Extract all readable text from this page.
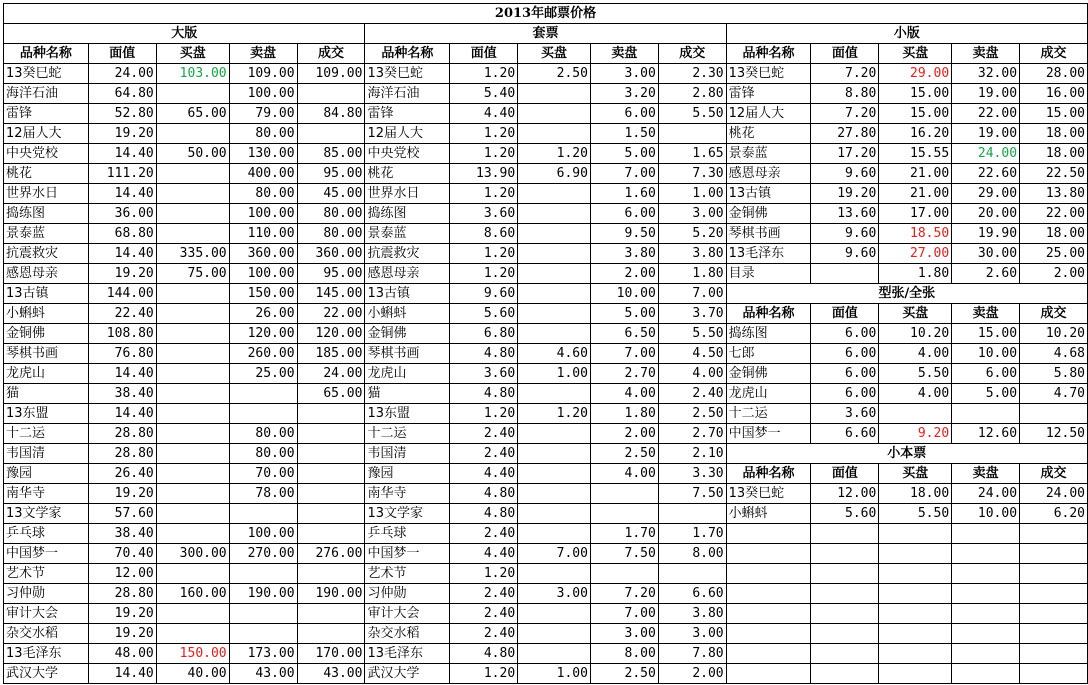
2013年邮票价格														
大版					套票					小版				
品种名称	面值	买盘	卖盘	成交	品种名称	面值	买盘	卖盘	成交	品种名称	面值	买盘	卖盘	成交
13癸巳蛇	24.00	103.00	109.00	109.00	13癸巳蛇	1.20	2.50	3.00	2.30	13癸巳蛇	7.20	29.00	32.00	28.00
海洋石油	64.80		100.00		海洋石油	5.40		3.20	2.80	雷锋	8.80	15.00	19.00	16.00
雷锋	52.80	65.00	79.00	84.80	雷锋	4.40		6.00	5.50	12届人大	7.20	15.00	22.00	15.00
12届人大	19.20		80.00		12届人大	1.20		1.50		桃花	27.80	16.20	19.00	18.00
中央党校	14.40	50.00	130.00	85.00	中央党校	1.20	1.20	5.00	1.65	景泰蓝	17.20	15.55	24.00	18.00
桃花	111.20		400.00	95.00	桃花	13.90	6.90	7.00	7.30	感恩母亲	9.60	21.00	22.60	22.50
世界水日	14.40		80.00	45.00	世界水日	1.20		1.60	1.00	13古镇	19.20	21.00	29.00	13.80
捣练图	36.00		100.00	80.00	捣练图	3.60		6.00	3.00	金铜佛	13.60	17.00	20.00	22.00
景泰蓝	68.80		110.00	80.00	景泰蓝	8.60		9.50	5.20	琴棋书画	9.60	18.50	19.90	18.00
抗震救灾	14.40	335.00	360.00	360.00	抗震救灾	1.20		3.80	3.80	13毛泽东	9.60	27.00	30.00	25.00
感恩母亲	19.20	75.00	100.00	95.00	感恩母亲	1.20		2.00	1.80	目录		1.80	2.60	2.00
13古镇	144.00		150.00	145.00	13古镇	9.60		10.00	7.00	型张/全张				
小蝌蚪	22.40		26.00	22.00	小蝌蚪	5.60		5.00	3.70	品种名称	面值	买盘	卖盘	成交
金铜佛	108.80		120.00	120.00	金铜佛	6.80		6.50	5.50	捣练图	6.00	10.20	15.00	10.20
琴棋书画	76.80		260.00	185.00	琴棋书画	4.80	4.60	7.00	4.50	七郎	6.00	4.00	10.00	4.68
龙虎山	14.40		25.00	24.00	龙虎山	3.60	1.00	2.70	4.00	金铜佛	6.00	5.50	6.00	5.80
猫	38.40			65.00	猫	4.80		4.00	2.40	龙虎山	6.00	4.00	5.00	4.70
13东盟	14.40				13东盟	1.20	1.20	1.80	2.50	十二运	3.60			
十二运	28.80		80.00		十二运	2.40		2.00	2.70	中国梦一	6.60	9.20	12.60	12.50
韦国清	28.80		80.00		韦国清	2.40		2.50	2.10	小本票				
豫园	26.40		70.00		豫园	4.40		4.00	3.30	品种名称	面值	买盘	卖盘	成交
南华寺	19.20		78.00		南华寺	4.80			7.50	13癸巳蛇	12.00	18.00	24.00	24.00
13文学家	57.60				13文学家	4.80				小蝌蚪	5.60	5.50	10.00	6.20
乒乓球	38.40		100.00		乒乓球	2.40		1.70	1.70					
中国梦一	70.40	300.00	270.00	276.00	中国梦一	4.40	7.00	7.50	8.00					
艺术节	12.00				艺术节	1.20								
习仲勋	28.80	160.00	190.00	190.00	习仲勋	2.40	3.00	7.20	6.60					
审计大会	19.20				审计大会	2.40		7.00	3.80					
杂交水稻	19.20				杂交水稻	2.40		3.00	3.00					
13毛泽东	48.00	150.00	173.00	170.00	13毛泽东	4.80		8.00	7.80					
武汉大学	14.40	40.00	43.00	43.00	武汉大学	1.20	1.00	2.50	2.00					
